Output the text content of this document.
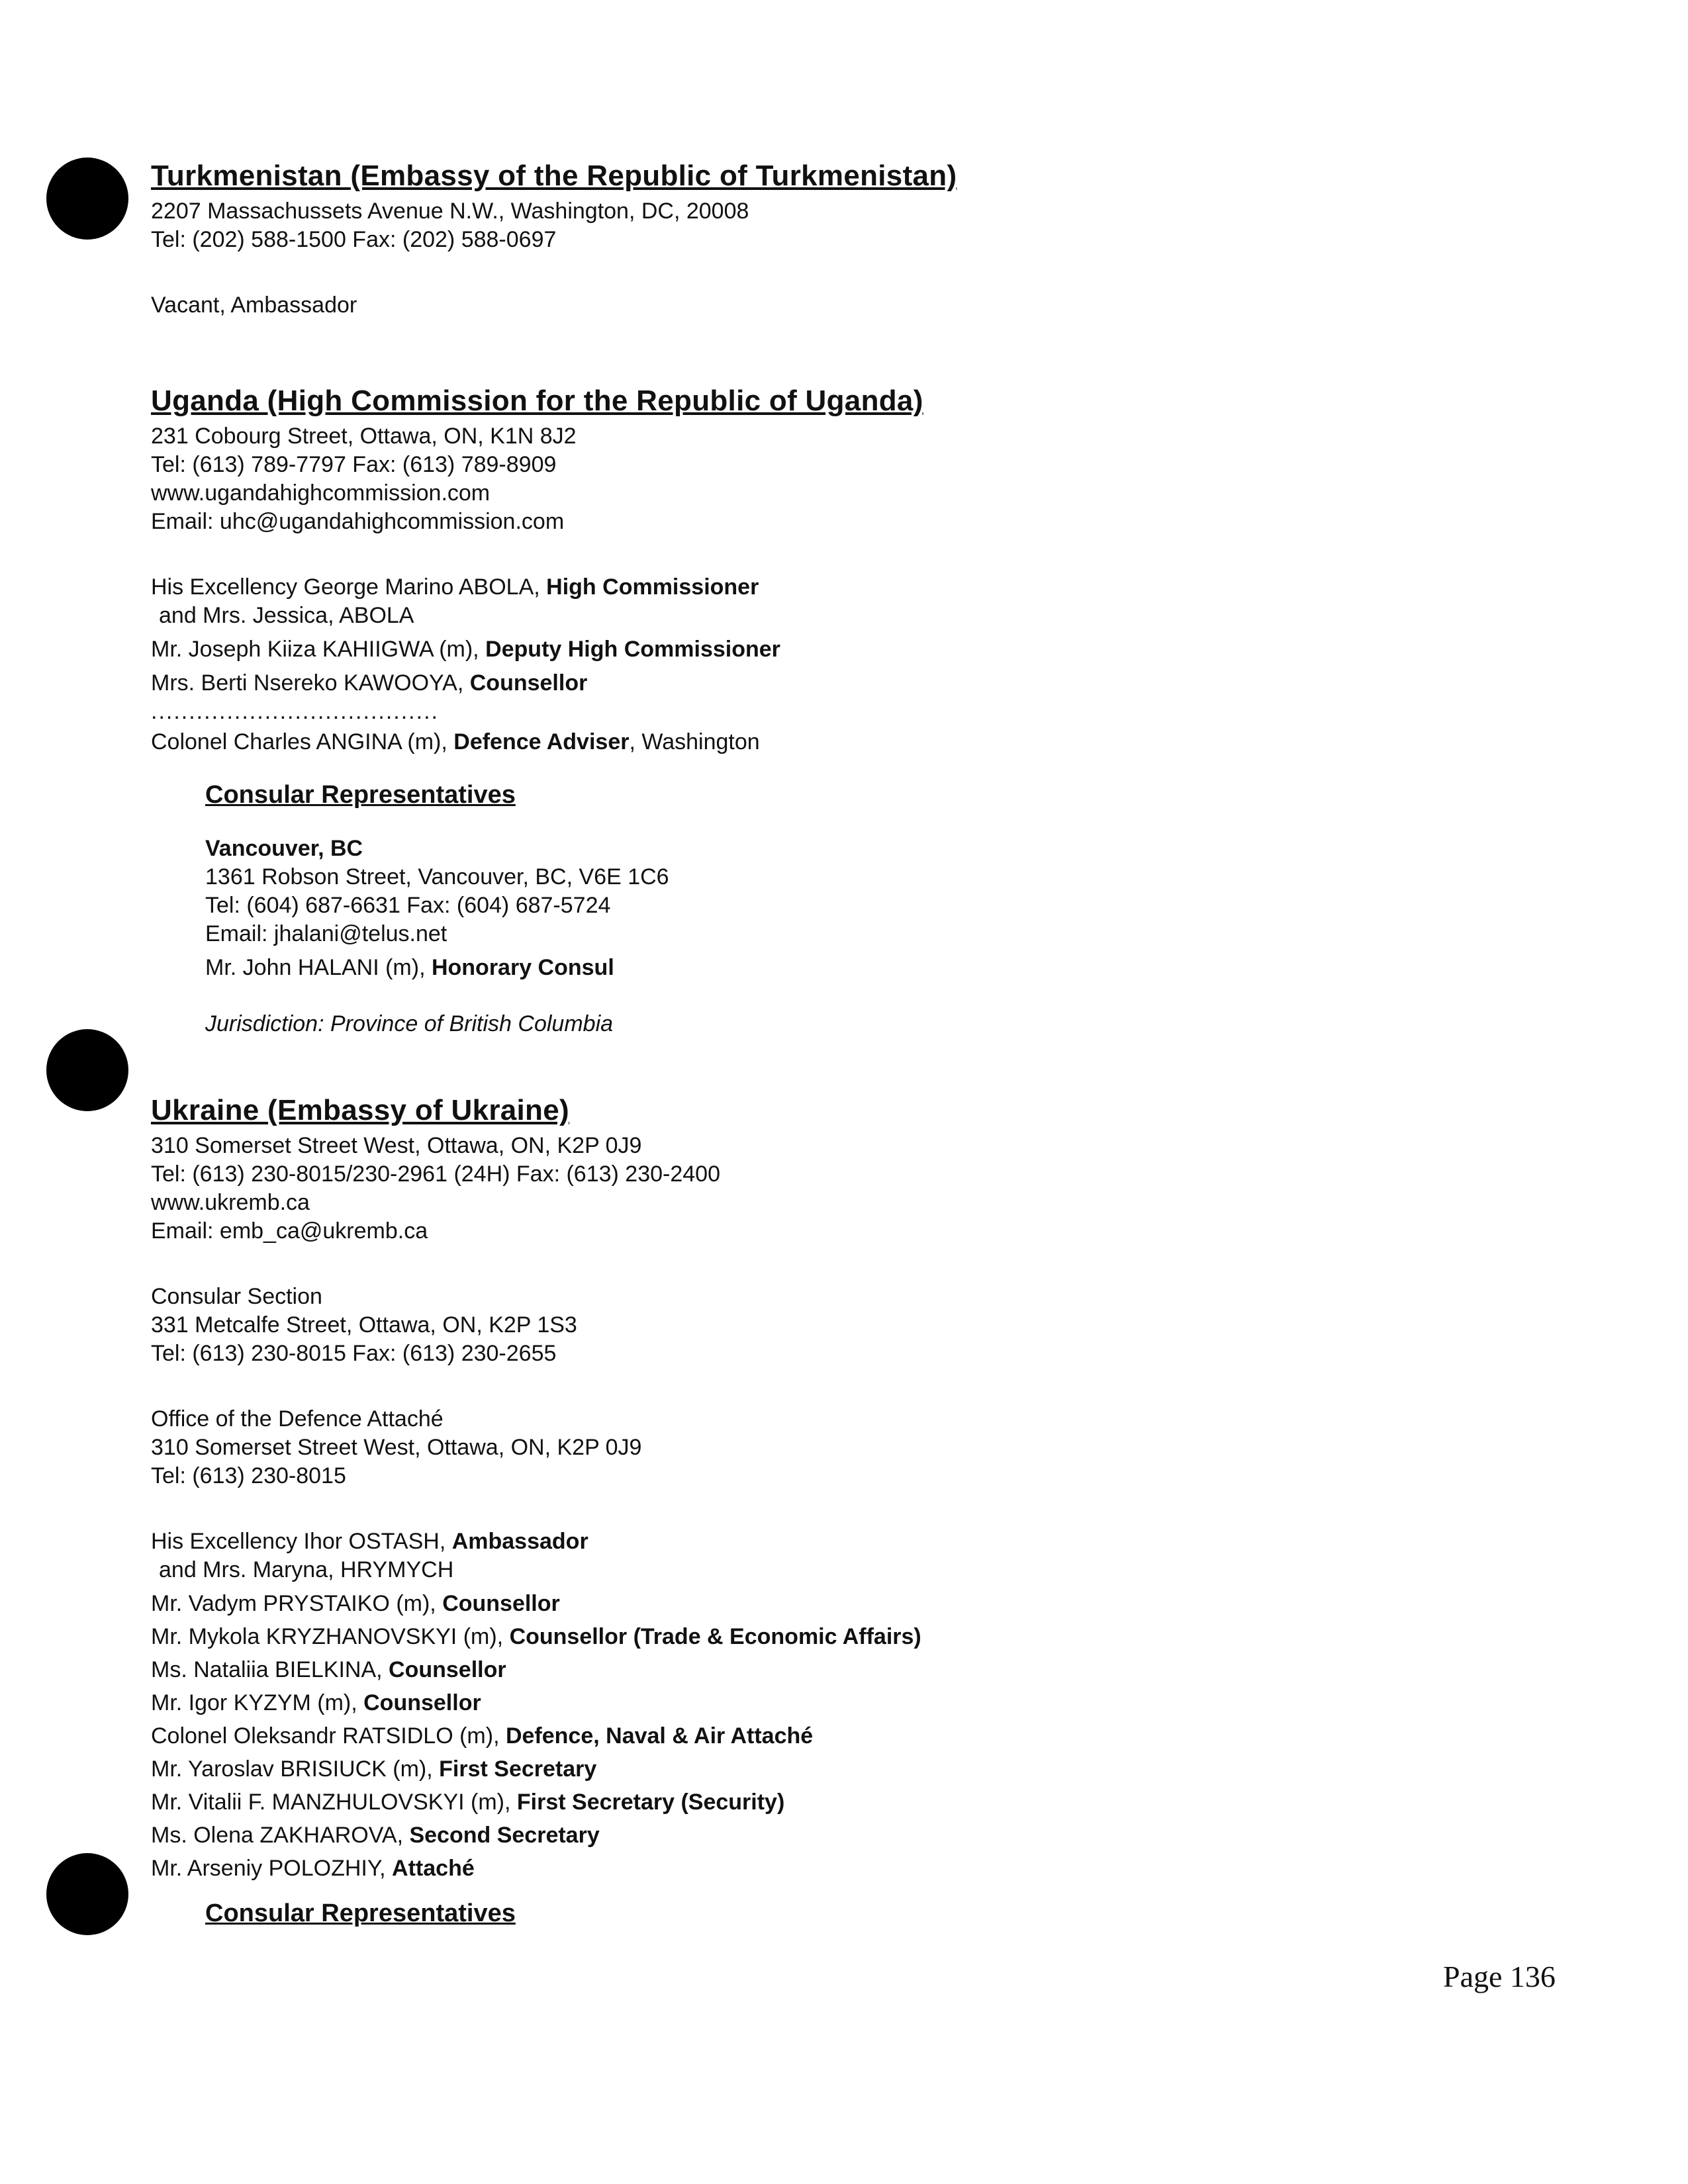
Turkmenistan (Embassy of the Republic of Turkmenistan)

2207 Massachussets Avenue N.W., Washington, DC, 20008

Tel: (202) 588-1500 Fax: (202) 588-0697

Vacant, Ambassador

Uganda (High Commission for the Republic of Uganda)

231 Cobourg Street, Ottawa, ON, K1N 8J2

Tel: (613) 789-7797 Fax: (613) 789-8909

www.ugandahighcommission.com

Email: uhc@ugandahighcommission.com

His Excellency George Marino ABOLA, High Commissioner

and Mrs. Jessica, ABOLA

Mr. Joseph Kiiza KAHIIGWA (m), Deputy High Commissioner

Mrs. Berti Nsereko KAWOOYA, Counsellor

......................................

Colonel Charles ANGINA (m), Defence Adviser, Washington

Consular Representatives

Vancouver, BC

1361 Robson Street, Vancouver, BC, V6E 1C6

Tel: (604) 687-6631 Fax: (604) 687-5724

Email: jhalani@telus.net

Mr. John HALANI (m), Honorary Consul

Jurisdiction: Province of British Columbia

Ukraine (Embassy of Ukraine)

310 Somerset Street West, Ottawa, ON, K2P 0J9

Tel: (613) 230-8015/230-2961 (24H) Fax: (613) 230-2400

www.ukremb.ca

Email: emb_ca@ukremb.ca

Consular Section

331 Metcalfe Street, Ottawa, ON, K2P 1S3

Tel: (613) 230-8015 Fax: (613) 230-2655

Office of the Defence Attaché

310 Somerset Street West, Ottawa, ON, K2P 0J9

Tel: (613) 230-8015

His Excellency Ihor OSTASH, Ambassador

and Mrs. Maryna, HRYMYCH

Mr. Vadym PRYSTAIKO (m), Counsellor

Mr. Mykola KRYZHANOVSKYI (m), Counsellor (Trade & Economic Affairs)

Ms. Nataliia BIELKINA, Counsellor

Mr. Igor KYZYM (m), Counsellor

Colonel Oleksandr RATSIDLO (m), Defence, Naval & Air Attaché

Mr. Yaroslav BRISIUCK (m), First Secretary

Mr. Vitalii F. MANZHULOVSKYI (m), First Secretary (Security)

Ms. Olena ZAKHAROVA, Second Secretary

Mr. Arseniy POLOZHIY, Attaché

Consular Representatives

Page 136
